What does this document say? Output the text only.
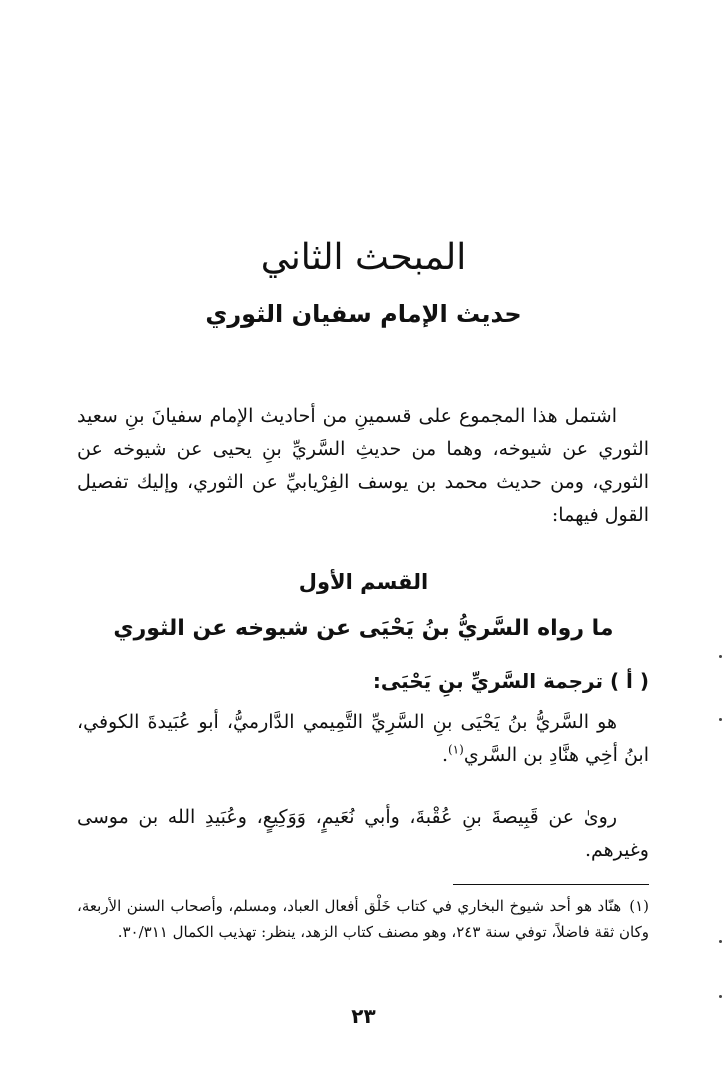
المبحث الثاني
حديث الإمام سفيان الثوري

اشتمل هذا المجموع على قسمينِ من أحاديث الإمام سفيانَ بنِ سعيد الثوري عن شيوخه، وهما من حديثِ السَّريِّ بنِ يحيى عن شيوخه عن الثوري، ومن حديث محمد بن يوسف الفِرْيابيِّ عن الثوري، وإليك تفصيل القول فيهما:

القسم الأول
ما رواه السَّريُّ بنُ يَحْيَى عن شيوخه عن الثوري
( أ ) ترجمة السَّريِّ بنِ يَحْيَى:

هو السَّريُّ بنُ يَحْيَى بنِ السَّرِيِّ التَّمِيمي الدَّارميُّ، أبو عُبَيدةَ الكوفي، ابنُ أخِي هنَّادِ بن السَّري$^{(١)}$.

روىٰ عن قَبِيصةَ بنِ عُقْبةَ، وأبي نُعَيمٍ، وَوَكِيعٍ، وعُبَيدِ الله بن موسى وغيرهم.

(١)هنّاد هو أحد شيوخ البخاري في كتاب خَلْق أفعال العباد، ومسلم، وأصحاب السنن الأربعة، وكان ثقة فاضلاً، توفي سنة ٢٤٣، وهو مصنف كتاب الزهد، ينظر: تهذيب الكمال ٣٠/٣١١.

٢٣
